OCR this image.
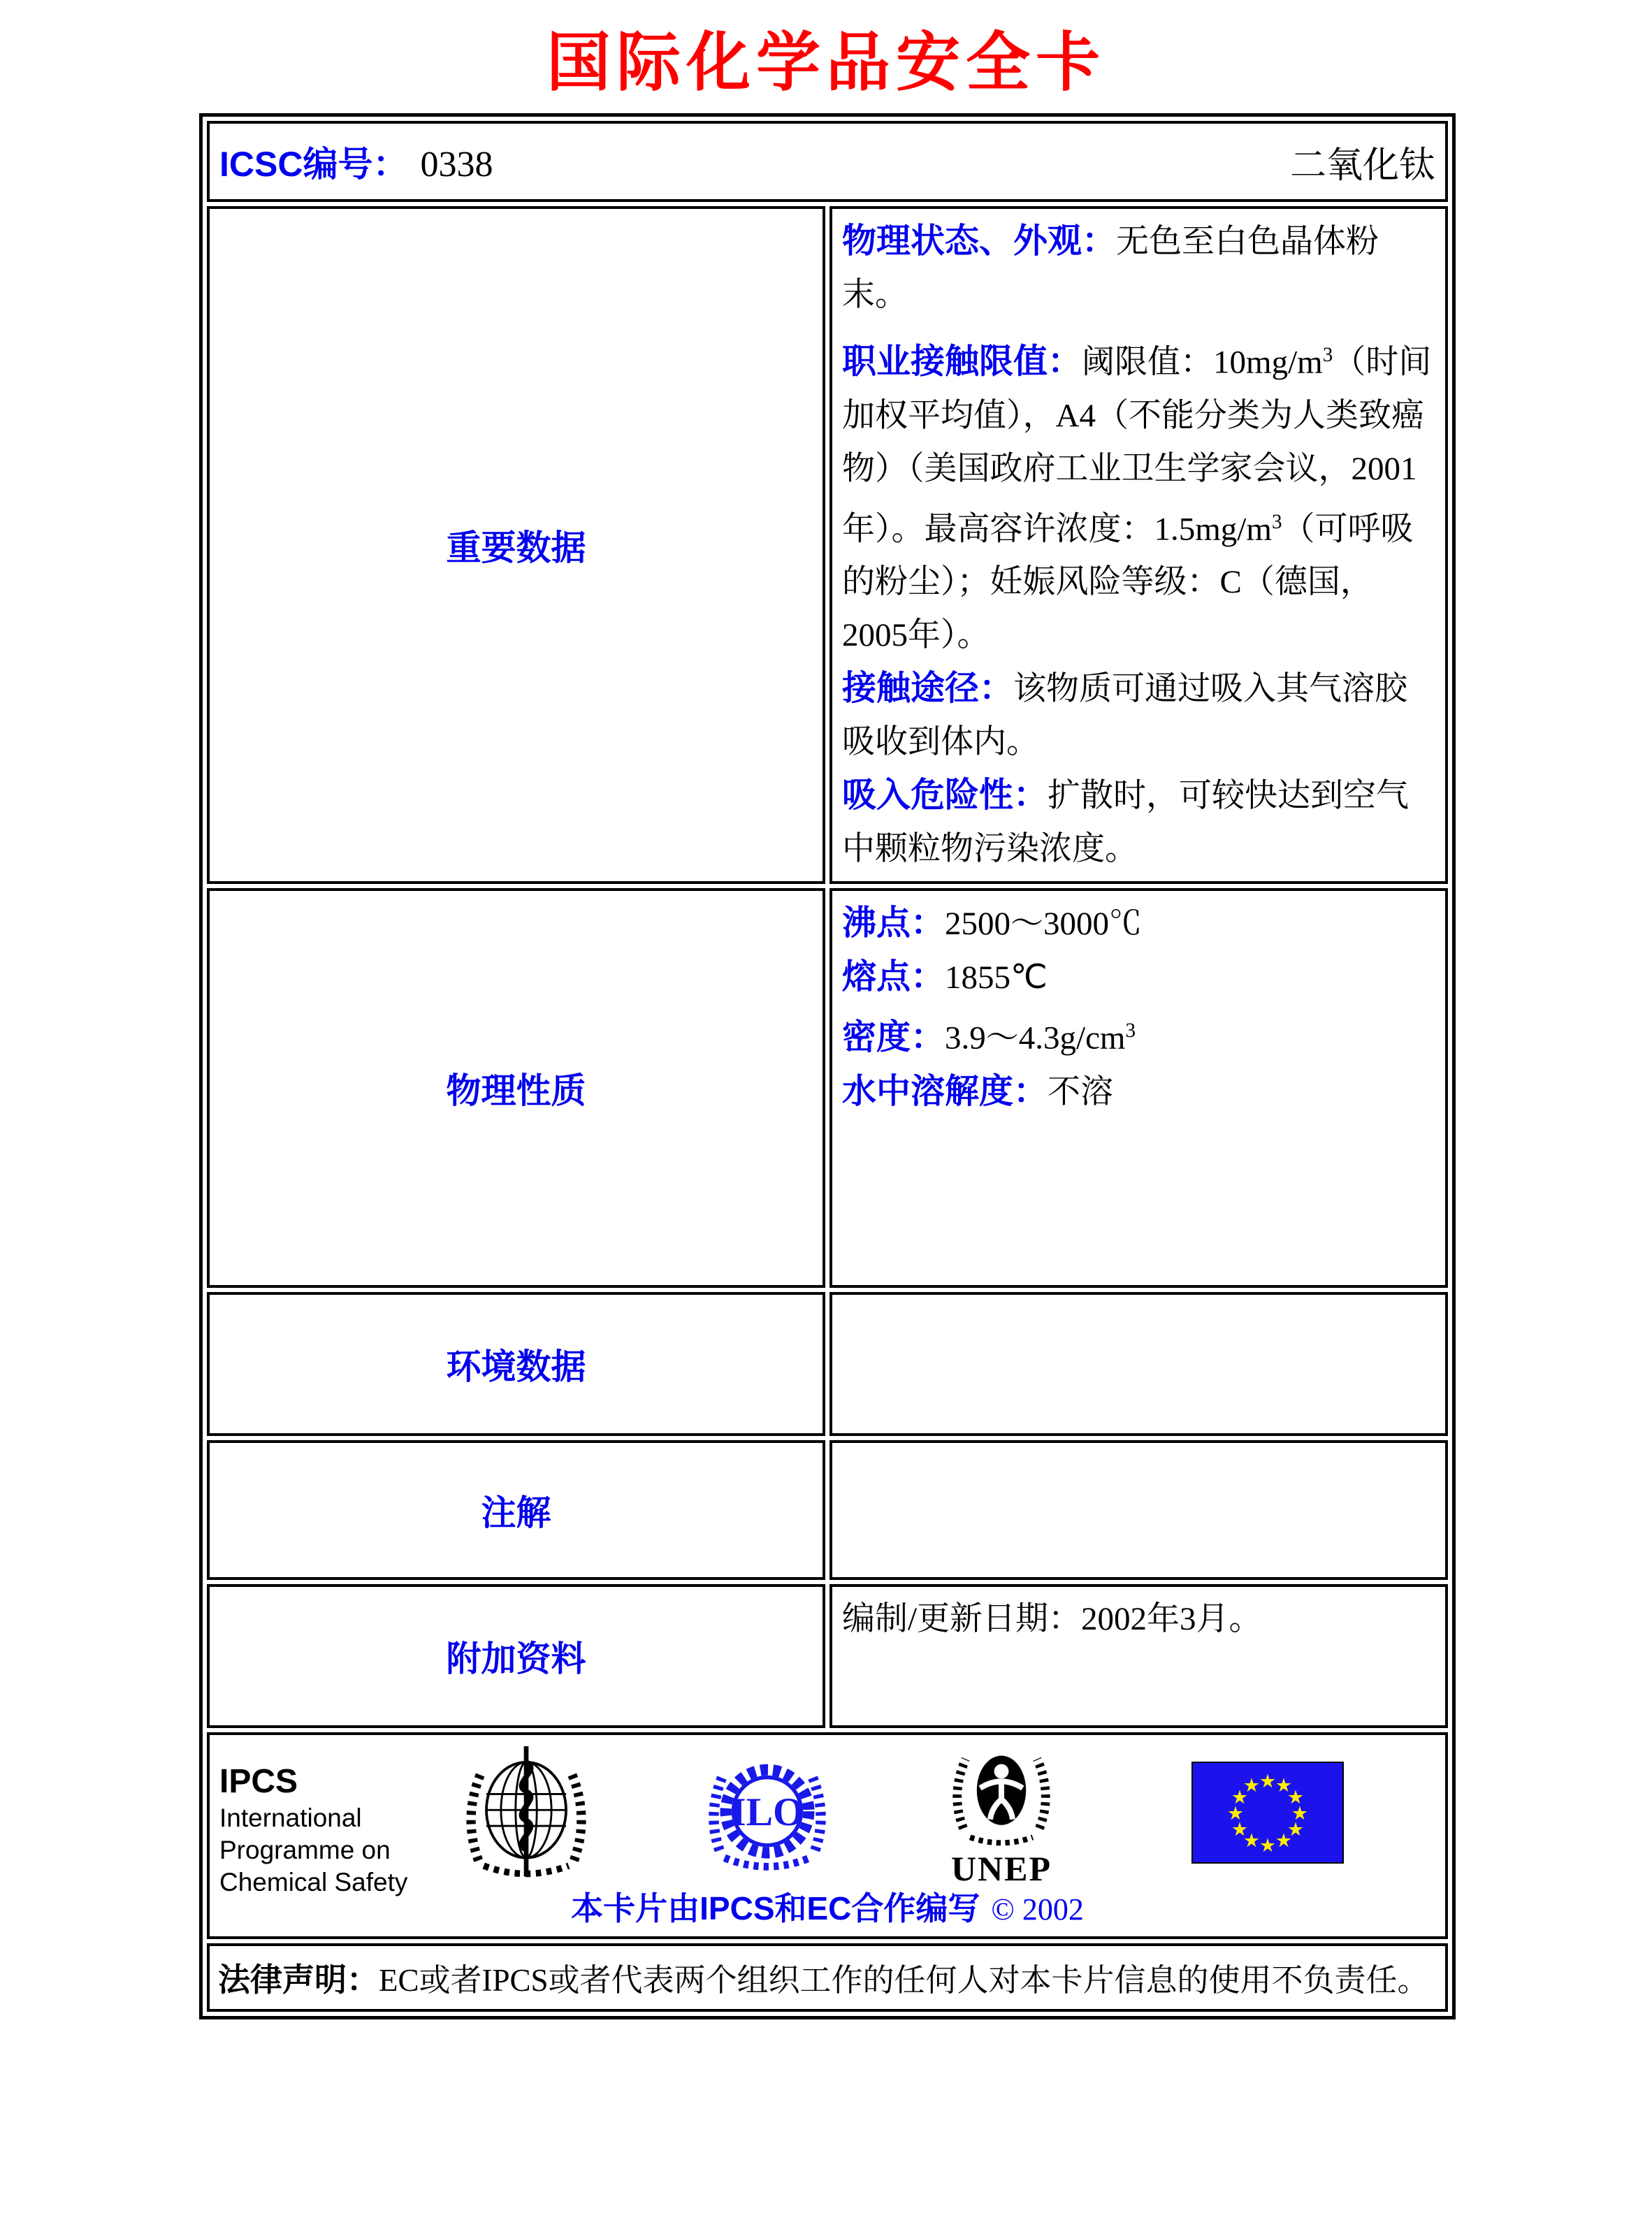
国际化学品安全卡
ICSC编号： 0338 二氧化钛	

重要数据	物理状态、外观：无色至白色晶体粉末。

职业接触限值：阈限值：$10mg/m^3$（时间加权平均值），A4（不能分类为人类致癌物）（美国政府工业卫生学家会议，2001年）。最高容许浓度：$1.5mg/m^3$（可呼吸的粉尘）；妊娠风险等级：C（德国，2005年）。

接触途径：该物质可通过吸入其气溶胶吸收到体内。

吸入危险性：扩散时，可较快达到空气中颗粒物污染浓度。

物理性质	沸点：2500～3000℃

熔点：1855℃

密度：$3.9\sim 4.3g/cm^3$

水中溶解度：不溶

环境数据	
注解	
附加资料	编制/更新日期：2002年3月。

IPCS
International
Programme on
Chemical Safety
ILO
UNEP
★
★
★
★
★
★
★
★
★
★
★
★
本卡片由IPCS和EC合作编写 © 2002

法律声明：EC或者IPCS或者代表两个组织工作的任何人对本卡片信息的使用不负责任。	
